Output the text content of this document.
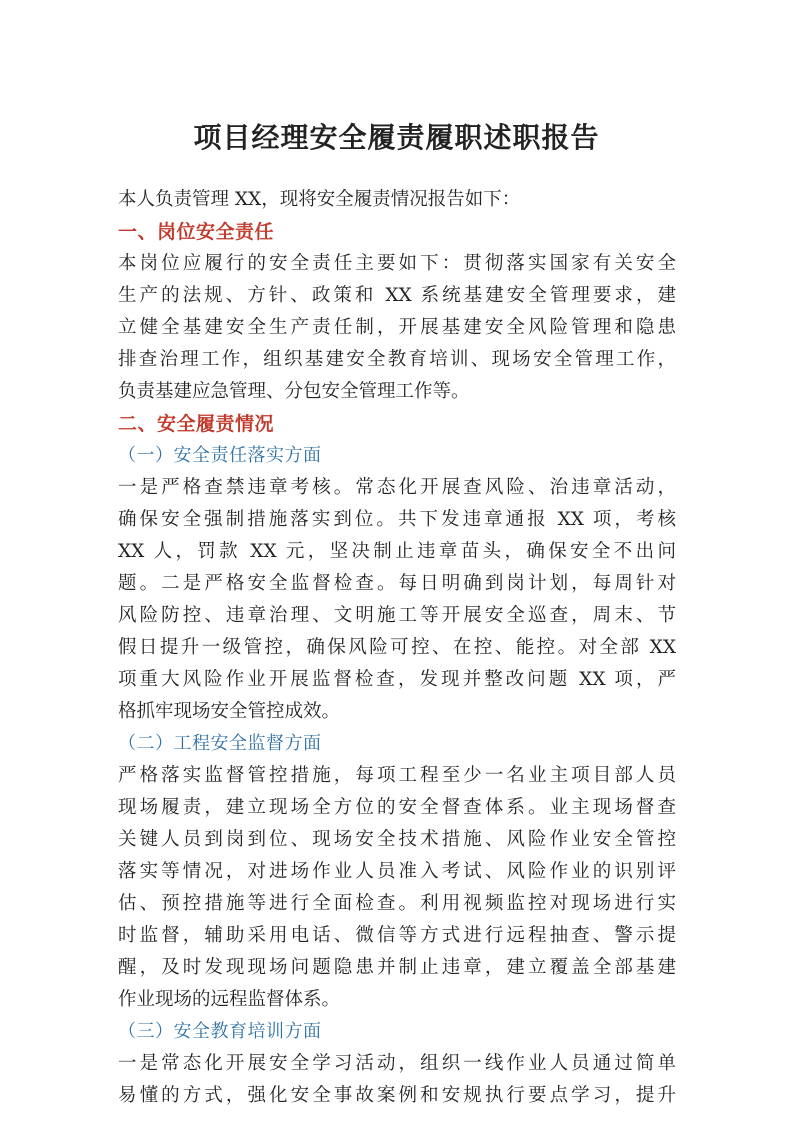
项目经理安全履责履职述职报告

本人负责管理 XX，现将安全履责情况报告如下：

一、岗位安全责任

本岗位应履行的安全责任主要如下：贯彻落实国家有关安全

生产的法规、方针、政策和 XX 系统基建安全管理要求，建

立健全基建安全生产责任制，开展基建安全风险管理和隐患

排查治理工作，组织基建安全教育培训、现场安全管理工作，

负责基建应急管理、分包安全管理工作等。

二、安全履责情况

（一）安全责任落实方面

一是严格查禁违章考核。常态化开展查风险、治违章活动，

确保安全强制措施落实到位。共下发违章通报 XX 项，考核

XX 人，罚款 XX 元，坚决制止违章苗头，确保安全不出问

题。二是严格安全监督检查。每日明确到岗计划，每周针对

风险防控、违章治理、文明施工等开展安全巡查，周末、节

假日提升一级管控，确保风险可控、在控、能控。对全部 XX

项重大风险作业开展监督检查，发现并整改问题 XX 项，严

格抓牢现场安全管控成效。

（二）工程安全监督方面

严格落实监督管控措施，每项工程至少一名业主项目部人员

现场履责，建立现场全方位的安全督查体系。业主现场督查

关键人员到岗到位、现场安全技术措施、风险作业安全管控

落实等情况，对进场作业人员准入考试、风险作业的识别评

估、预控措施等进行全面检查。利用视频监控对现场进行实

时监督，辅助采用电话、微信等方式进行远程抽查、警示提

醒，及时发现现场问题隐患并制止违章，建立覆盖全部基建

作业现场的远程监督体系。

（三）安全教育培训方面

一是常态化开展安全学习活动，组织一线作业人员通过简单

易懂的方式，强化安全事故案例和安规执行要点学习，提升
